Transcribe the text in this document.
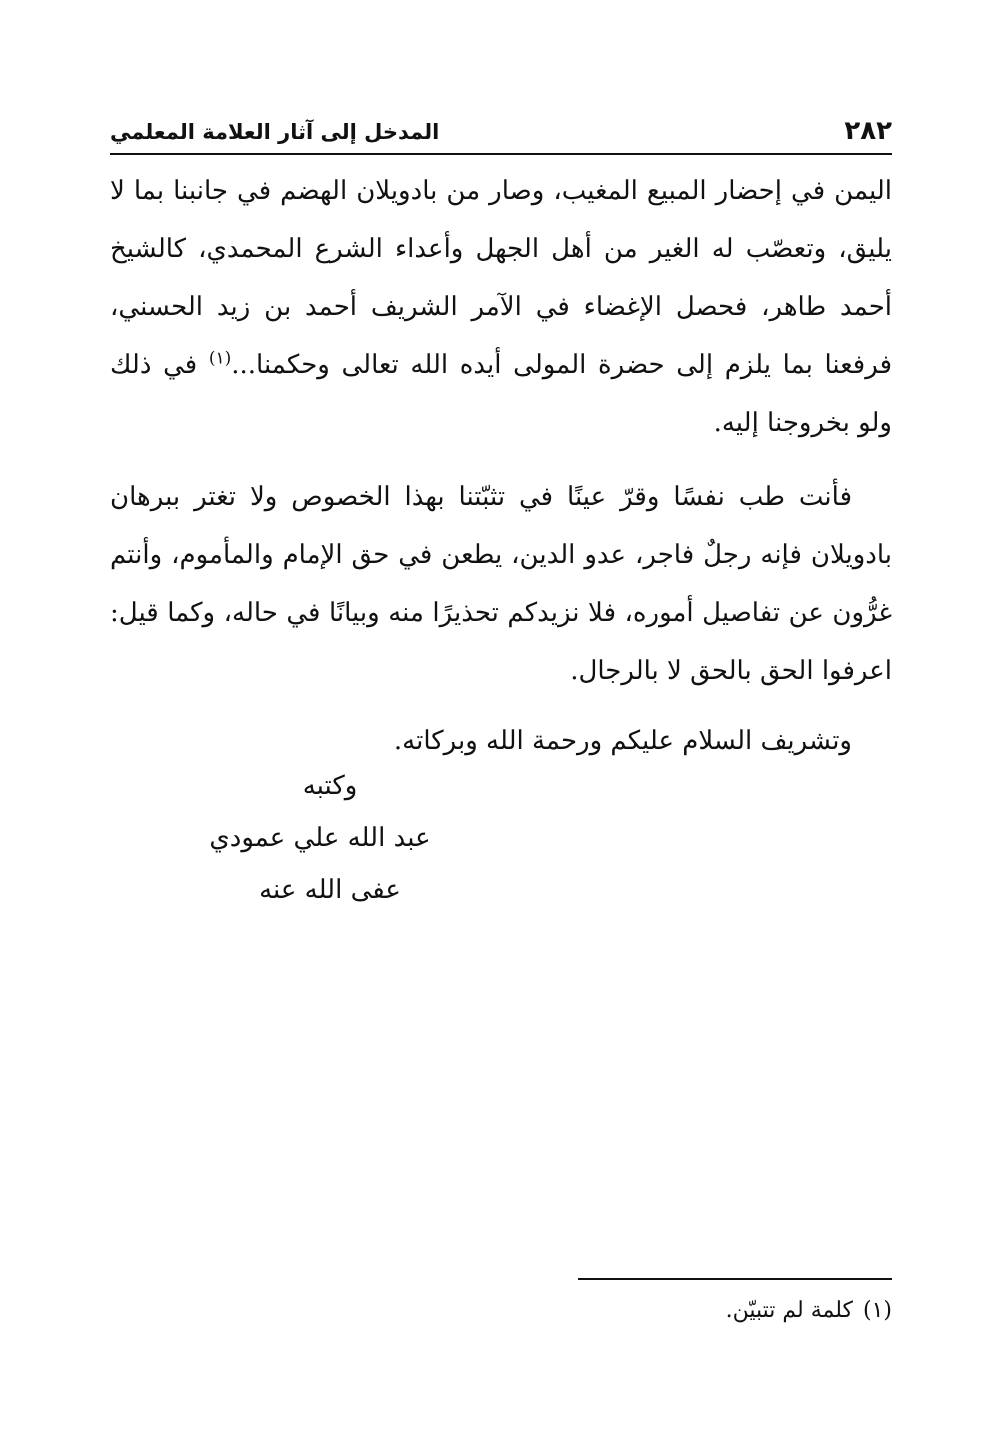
٢٨٢
المدخل إلى آثار العلامة المعلمي

اليمن في إحضار المبيع المغيب، وصار من بادويلان الهضم في جانبنا بما لا يليق، وتعصّب له الغير من أهل الجهل وأعداء الشرع المحمدي، كالشيخ أحمد طاهر، فحصل الإغضاء في الآمر الشريف أحمد بن زيد الحسني، فرفعنا بما يلزم إلى حضرة المولى أيده الله تعالى وحكمنا...$^{(١)}$ في ذلك ولو بخروجنا إليه.

فأنت طب نفسًا وقرّ عينًا في تثبّتنا بهذا الخصوص ولا تغتر ببرهان بادويلان فإنه رجلٌ فاجر، عدو الدين، يطعن في حق الإمام والمأموم، وأنتم غرُّون عن تفاصيل أموره، فلا نزيدكم تحذيرًا منه وبيانًا في حاله، وكما قيل: اعرفوا الحق بالحق لا بالرجال.

وتشريف السلام عليكم ورحمة الله وبركاته.

وكتبه
عبد الله علي عمودي
عفى الله عنه
(١)كلمة لم تتبيّن.
